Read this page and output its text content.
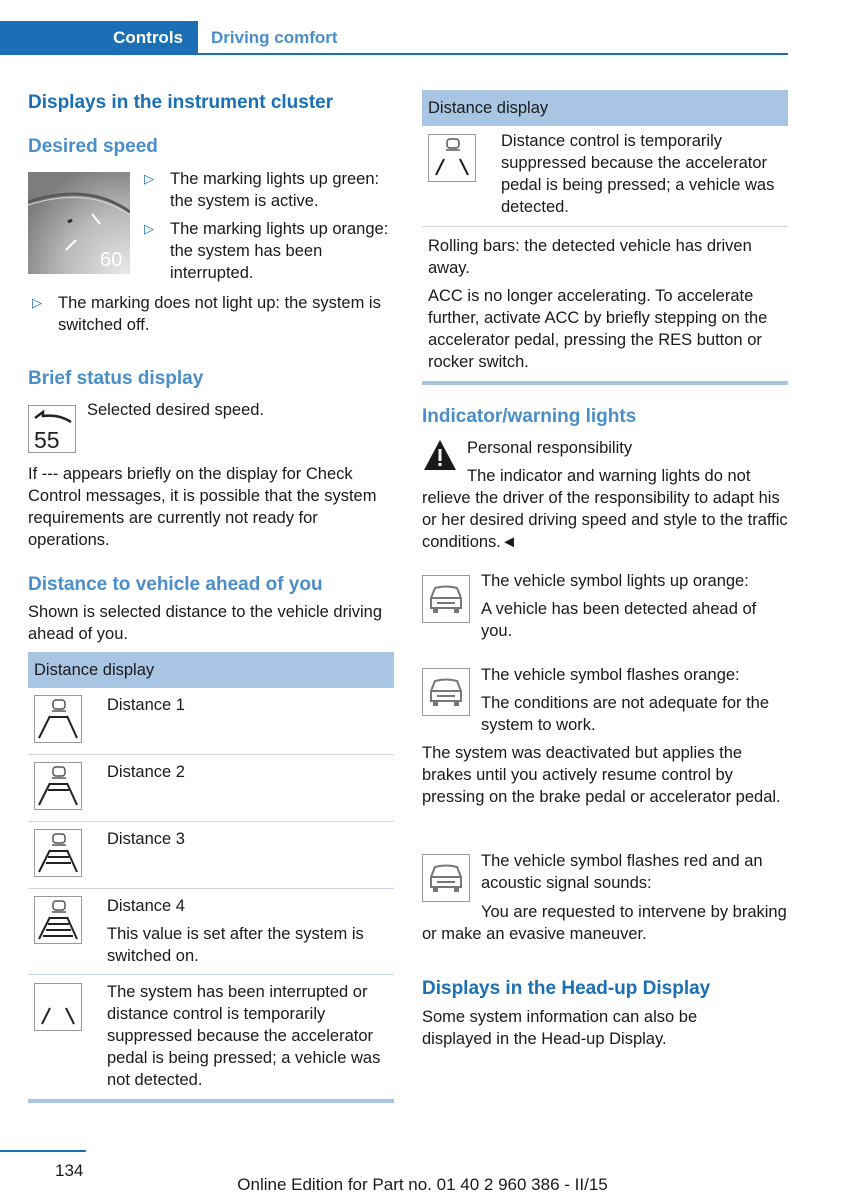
Controls	Driving comfort
Displays in the instrument cluster
Desired speed
60
▷ The marking lights up green: the system is active.
▷ The marking lights up orange: the system has been interrupted.
▷ The marking does not light up: the system is switched off.
Brief status display
55

Selected desired speed.

If --- appears briefly on the display for Check Control messages, it is possible that the system requirements are currently not ready for operations.

Distance to vehicle ahead of you

Shown is selected distance to the vehicle driving ahead of you.

Distance display
Distance 1
Distance 2
Distance 3
Distance 4
This value is set after the system is switched on.
The system has been interrupted or distance control is temporarily suppressed because the accelerator pedal is being pressed; a vehicle was not detected.
Distance display
Distance control is temporarily suppressed because the accelerator pedal is being pressed; a vehicle was detected.
Rolling bars: the detected vehicle has driven away.
ACC is no longer accelerating. To accelerate further, activate ACC by briefly stepping on the accelerator pedal, pressing the RES button or rocker switch.
Indicator/warning lights

Personal responsibility

The indicator and warning lights do not relieve the driver of the responsibility to adapt his or her desired driving speed and style to the traffic conditions.◄

The vehicle symbol lights up orange:

A vehicle has been detected ahead of you.

The vehicle symbol flashes orange:

The conditions are not adequate for the system to work.

The system was deactivated but applies the brakes until you actively resume control by pressing on the brake pedal or accelerator pedal.

The vehicle symbol flashes red and an acoustic signal sounds:

You are requested to intervene by braking or make an evasive maneuver.

Displays in the Head-up Display

Some system information can also be displayed in the Head-up Display.

134
Online Edition for Part no. 01 40 2 960 386 - II/15
